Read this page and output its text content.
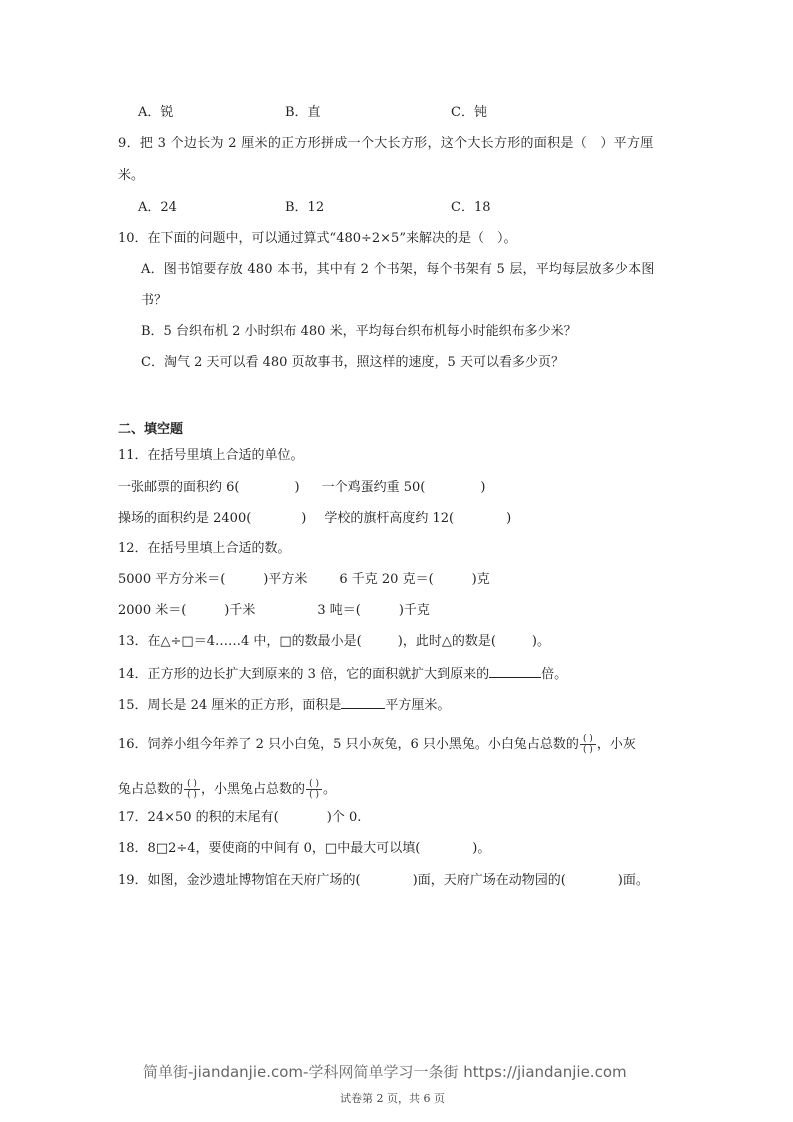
A．锐	B．直	C．钝
9．把 3 个边长为 2 厘米的正方形拼成一个大长方形，这个大长方形的面积是（　）平方厘
米。
A．24	B．12	C．18
10．在下面的问题中，可以通过算式“480÷2×5”来解决的是（　）。
A．图书馆要存放 480 本书，其中有 2 个书架，每个书架有 5 层，平均每层放多少本图
书？
B．5 台织布机 2 小时织布 480 米，平均每台织布机每小时能织布多少米？
C．淘气 2 天可以看 480 页故事书，照这样的速度，5 天可以看多少页？
二、填空题
11．在括号里填上合适的单位。
一张邮票的面积约 6(	) 一个鸡蛋约重 50(	)
操场的面积约是 2400(	) 学校的旗杆高度约 12(	)
12．在括号里填上合适的数。
5000 平方分米＝(	)平方米 6 千克 20 克＝(	)克
2000 米＝(	)千米	3 吨＝(	)千克
13．在△÷□＝4……4 中，□的数最小是(	)，此时△的数是(	)。
14．正方形的边长扩大到原来的 3 倍，它的面积就扩大到原来的	倍。
15．周长是 24 厘米的正方形，面积是	平方厘米。
16．饲养小组今年养了 2 只小白兔，5 只小灰兔，6 只小黑兔。小白兔占总数的$\frac{( )}{( )}$，小灰
兔占总数的$\frac{( )}{( )}$，小黑兔占总数的$\frac{( )}{( )}$。
17．24×50 的积的末尾有(	)个 0.
18．8□2÷4，要使商的中间有 0，□中最大可以填(	)。
19．如图，金沙遗址博物馆在天府广场的(	)面，天府广场在动物园的(	)面。
简单街-jiandanjie.com-学科网简单学习一条街 https://jiandanjie.com
试卷第 2 页，共 6 页
